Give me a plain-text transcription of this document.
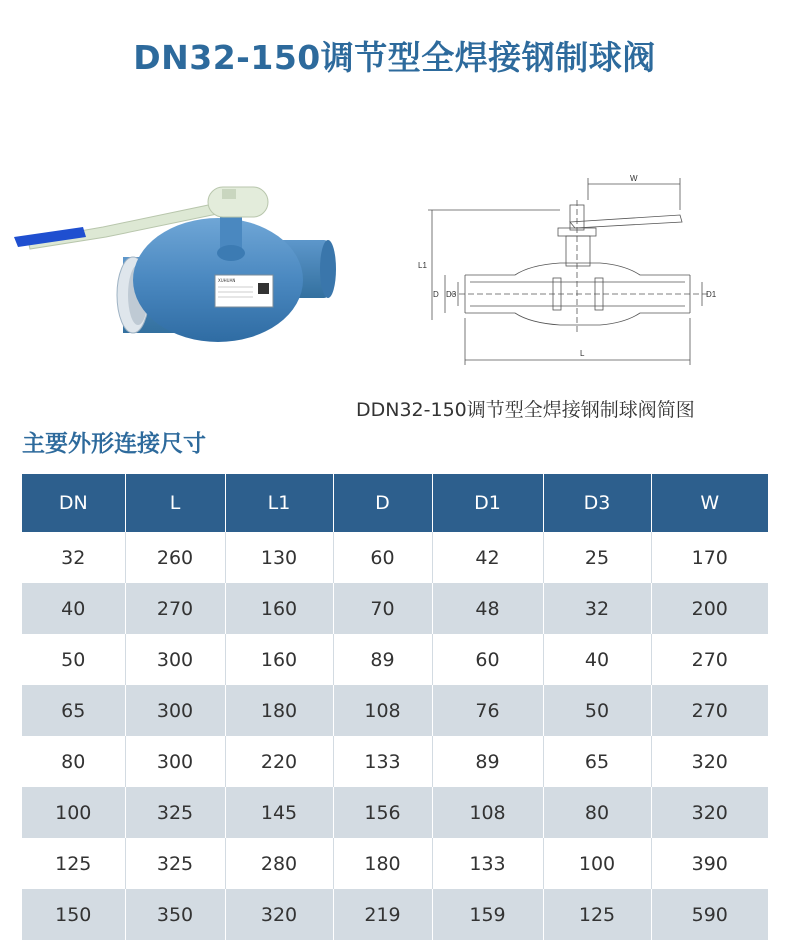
DN32-150调节型全焊接钢制球阀
XUHUAN
W
L1
D D3	D1
L
DDN32-150调节型全焊接钢制球阀简图
主要外形连接尺寸
DN	L	L1	D	D1	D3	W
32	260	130	60	42	25	170
40	270	160	70	48	32	200
50	300	160	89	60	40	270
65	300	180	108	76	50	270
80	300	220	133	89	65	320
100	325	145	156	108	80	320
125	325	280	180	133	100	390
150	350	320	219	159	125	590
